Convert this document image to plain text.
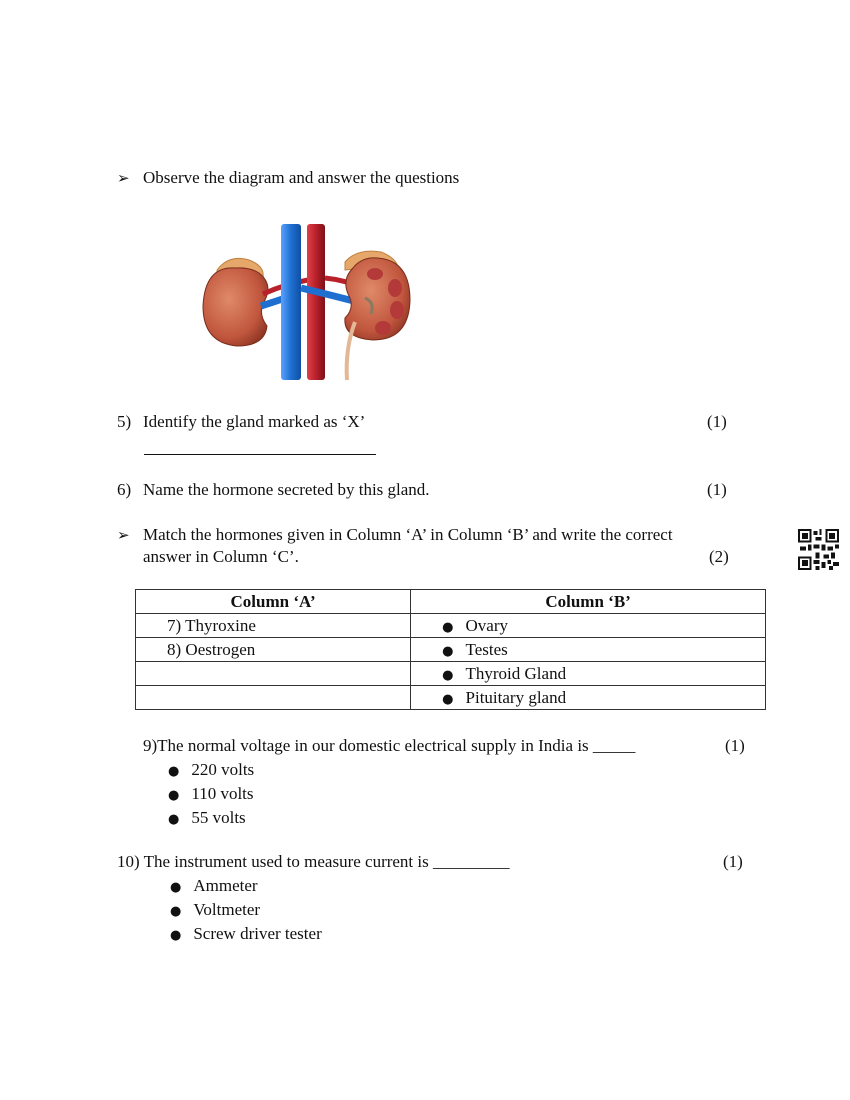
➢ Observe the diagram and answer the questions
5) Identify the gland marked as ‘X’	(1)
6) Name the hormone secreted by this gland.	(1)
➢ Match the hormones given in Column ‘A’ in Column ‘B’ and write the correct
answer in Column ‘C’.	(2)
Column ‘A’	Column ‘B’
7) Thyroxine	● Ovary
8) Oestrogen	● Testes
	● Thyroid Gland
	● Pituitary gland
9)The normal voltage in our domestic electrical supply in India is _____	(1)
● 220 volts
● 110 volts
● 55 volts
10) The instrument used to measure current is _________	(1)
● Ammeter
● Voltmeter
● Screw driver tester
